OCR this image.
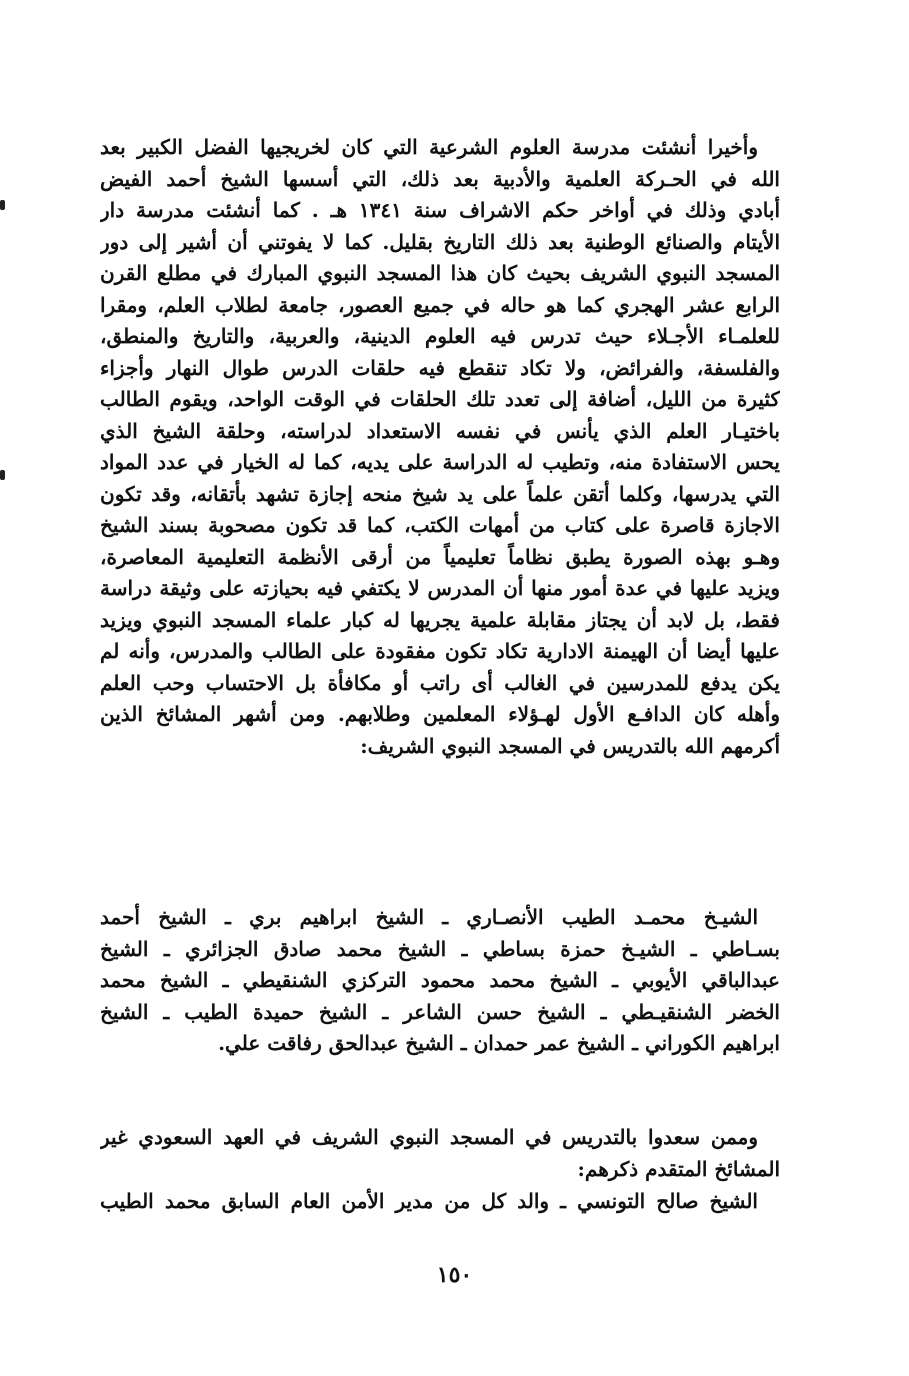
وأخيرا أنشئت مدرسة العلوم الشرعية التي كان لخريجيها الفضل الكبير بعد
الله في الحـركة العلمية والأدبية بعد ذلك، التي أسسها الشيخ أحمد الفيض
أبادي وذلك في أواخر حكم الاشراف سنة ١٣٤١ هـ . كما أنشئت مدرسة دار
الأيتام والصنائع الوطنية بعد ذلك التاريخ بقليل. كما لا يفوتني أن أشير إلى دور
المسجد النبوي الشريف بحيث كان هذا المسجد النبوي المبارك في مطلع القرن
الرابع عشر الهجري كما هو حاله في جميع العصور، جامعة لطلاب العلم، ومقرا
للعلمـاء الأجـلاء حيث تدرس فيه العلوم الدينية، والعربية، والتاريخ والمنطق،
والفلسفة، والفرائض، ولا تكاد تنقطع فيه حلقات الدرس طوال النهار وأجزاء
كثيرة من الليل، أضافة إلى تعدد تلك الحلقات في الوقت الواحد، ويقوم الطالب
باختيـار العلم الذي يأنس في نفسه الاستعداد لدراسته، وحلقة الشيخ الذي
يحس الاستفادة منه، وتطيب له الدراسة على يديه، كما له الخيار في عدد المواد
التي يدرسها، وكلما أتقن علماً على يد شيخ منحه إجازة تشهد بأتقانه، وقد تكون
الاجازة قاصرة على كتاب من أمهات الكتب، كما قد تكون مصحوبة بسند الشيخ
وهـو بهذه الصورة يطبق نظاماً تعليمياً من أرقى الأنظمة التعليمية المعاصرة،
ويزيد عليها في عدة أمور منها أن المدرس لا يكتفي فيه بحيازته على وثيقة دراسة
فقط، بل لابد أن يجتاز مقابلة علمية يجريها له كبار علماء المسجد النبوي ويزيد
عليها أيضا أن الهيمنة الادارية تكاد تكون مفقودة على الطالب والمدرس، وأنه لم
يكن يدفع للمدرسين في الغالب أى راتب أو مكافأة بل الاحتساب وحب العلم
وأهله كان الدافـع الأول لهـؤلاء المعلمين وطلابهم. ومن أشهر المشائخ الذين
أكرمهم الله بالتدريس في المسجد النبوي الشريف:
الشيـخ محمـد الطيب الأنصـاري ـ الشيخ ابراهيم بري ـ الشيخ أحمد
بسـاطي ـ الشيـخ حمزة بساطي ـ الشيخ محمد صادق الجزائري ـ الشيخ
عبدالباقي الأيوبي ـ الشيخ محمد محمود التركزي الشنقيطي ـ الشيخ محمد
الخضر الشنقيـطي ـ الشيخ حسن الشاعر ـ الشيخ حميدة الطيب ـ الشيخ
ابراهيم الكوراني ـ الشيخ عمر حمدان ـ الشيخ عبدالحق رفاقت علي.
وممن سعدوا بالتدريس في المسجد النبوي الشريف في العهد السعودي غير
المشائخ المتقدم ذكرهم:
الشيخ صالح التونسي ـ والد كل من مدير الأمن العام السابق محمد الطيب
١٥٠
